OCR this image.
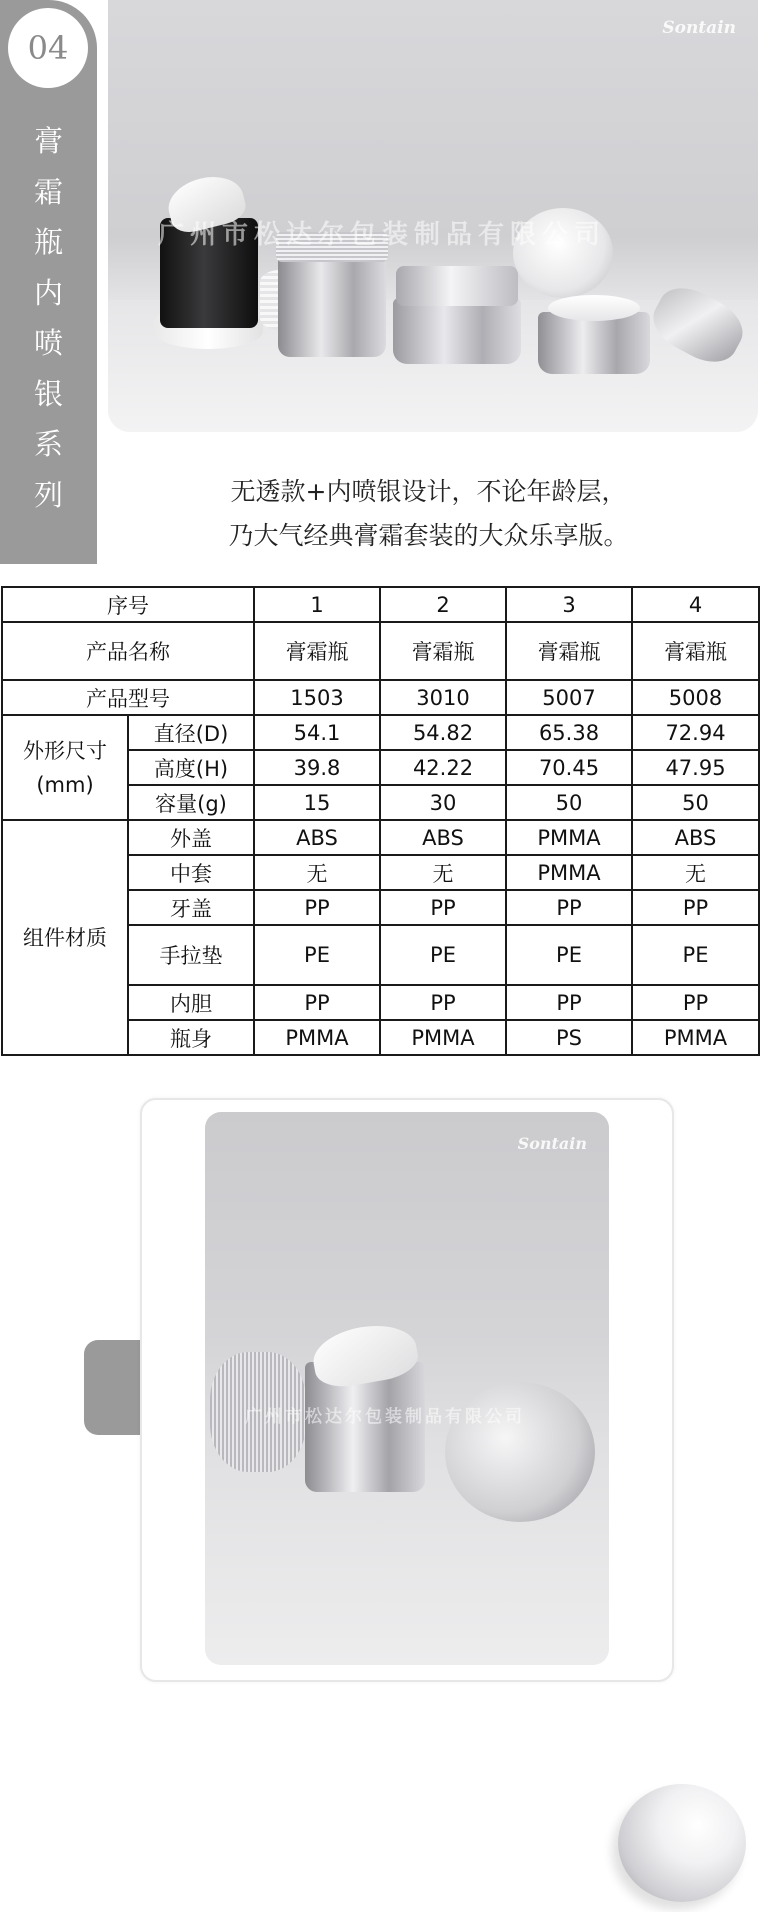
04
膏
霜
瓶
内
喷
银
系
列
Sontain
广州市松达尔包装制品有限公司
无透款+内喷银设计，不论年龄层，
乃大气经典膏霜套装的大众乐享版。
序号		1	2	3	4
产品名称		膏霜瓶	膏霜瓶	膏霜瓶	膏霜瓶
产品型号		1503	3010	5007	5008

外形尺寸
(mm)	直径(D)	54.1	54.82	65.38	72.94
	高度(H)	39.8	42.22	70.45	47.95
	容量(g)	15	30	50	50
组件材质	外盖	ABS	ABS	PMMA	ABS
	中套	无	无	PMMA	无
	牙盖	PP	PP	PP	PP
	手拉垫	PE	PE	PE	PE
	内胆	PP	PP	PP	PP
	瓶身	PMMA	PMMA	PS	PMMA
Sontain
广州市松达尔包装制品有限公司
